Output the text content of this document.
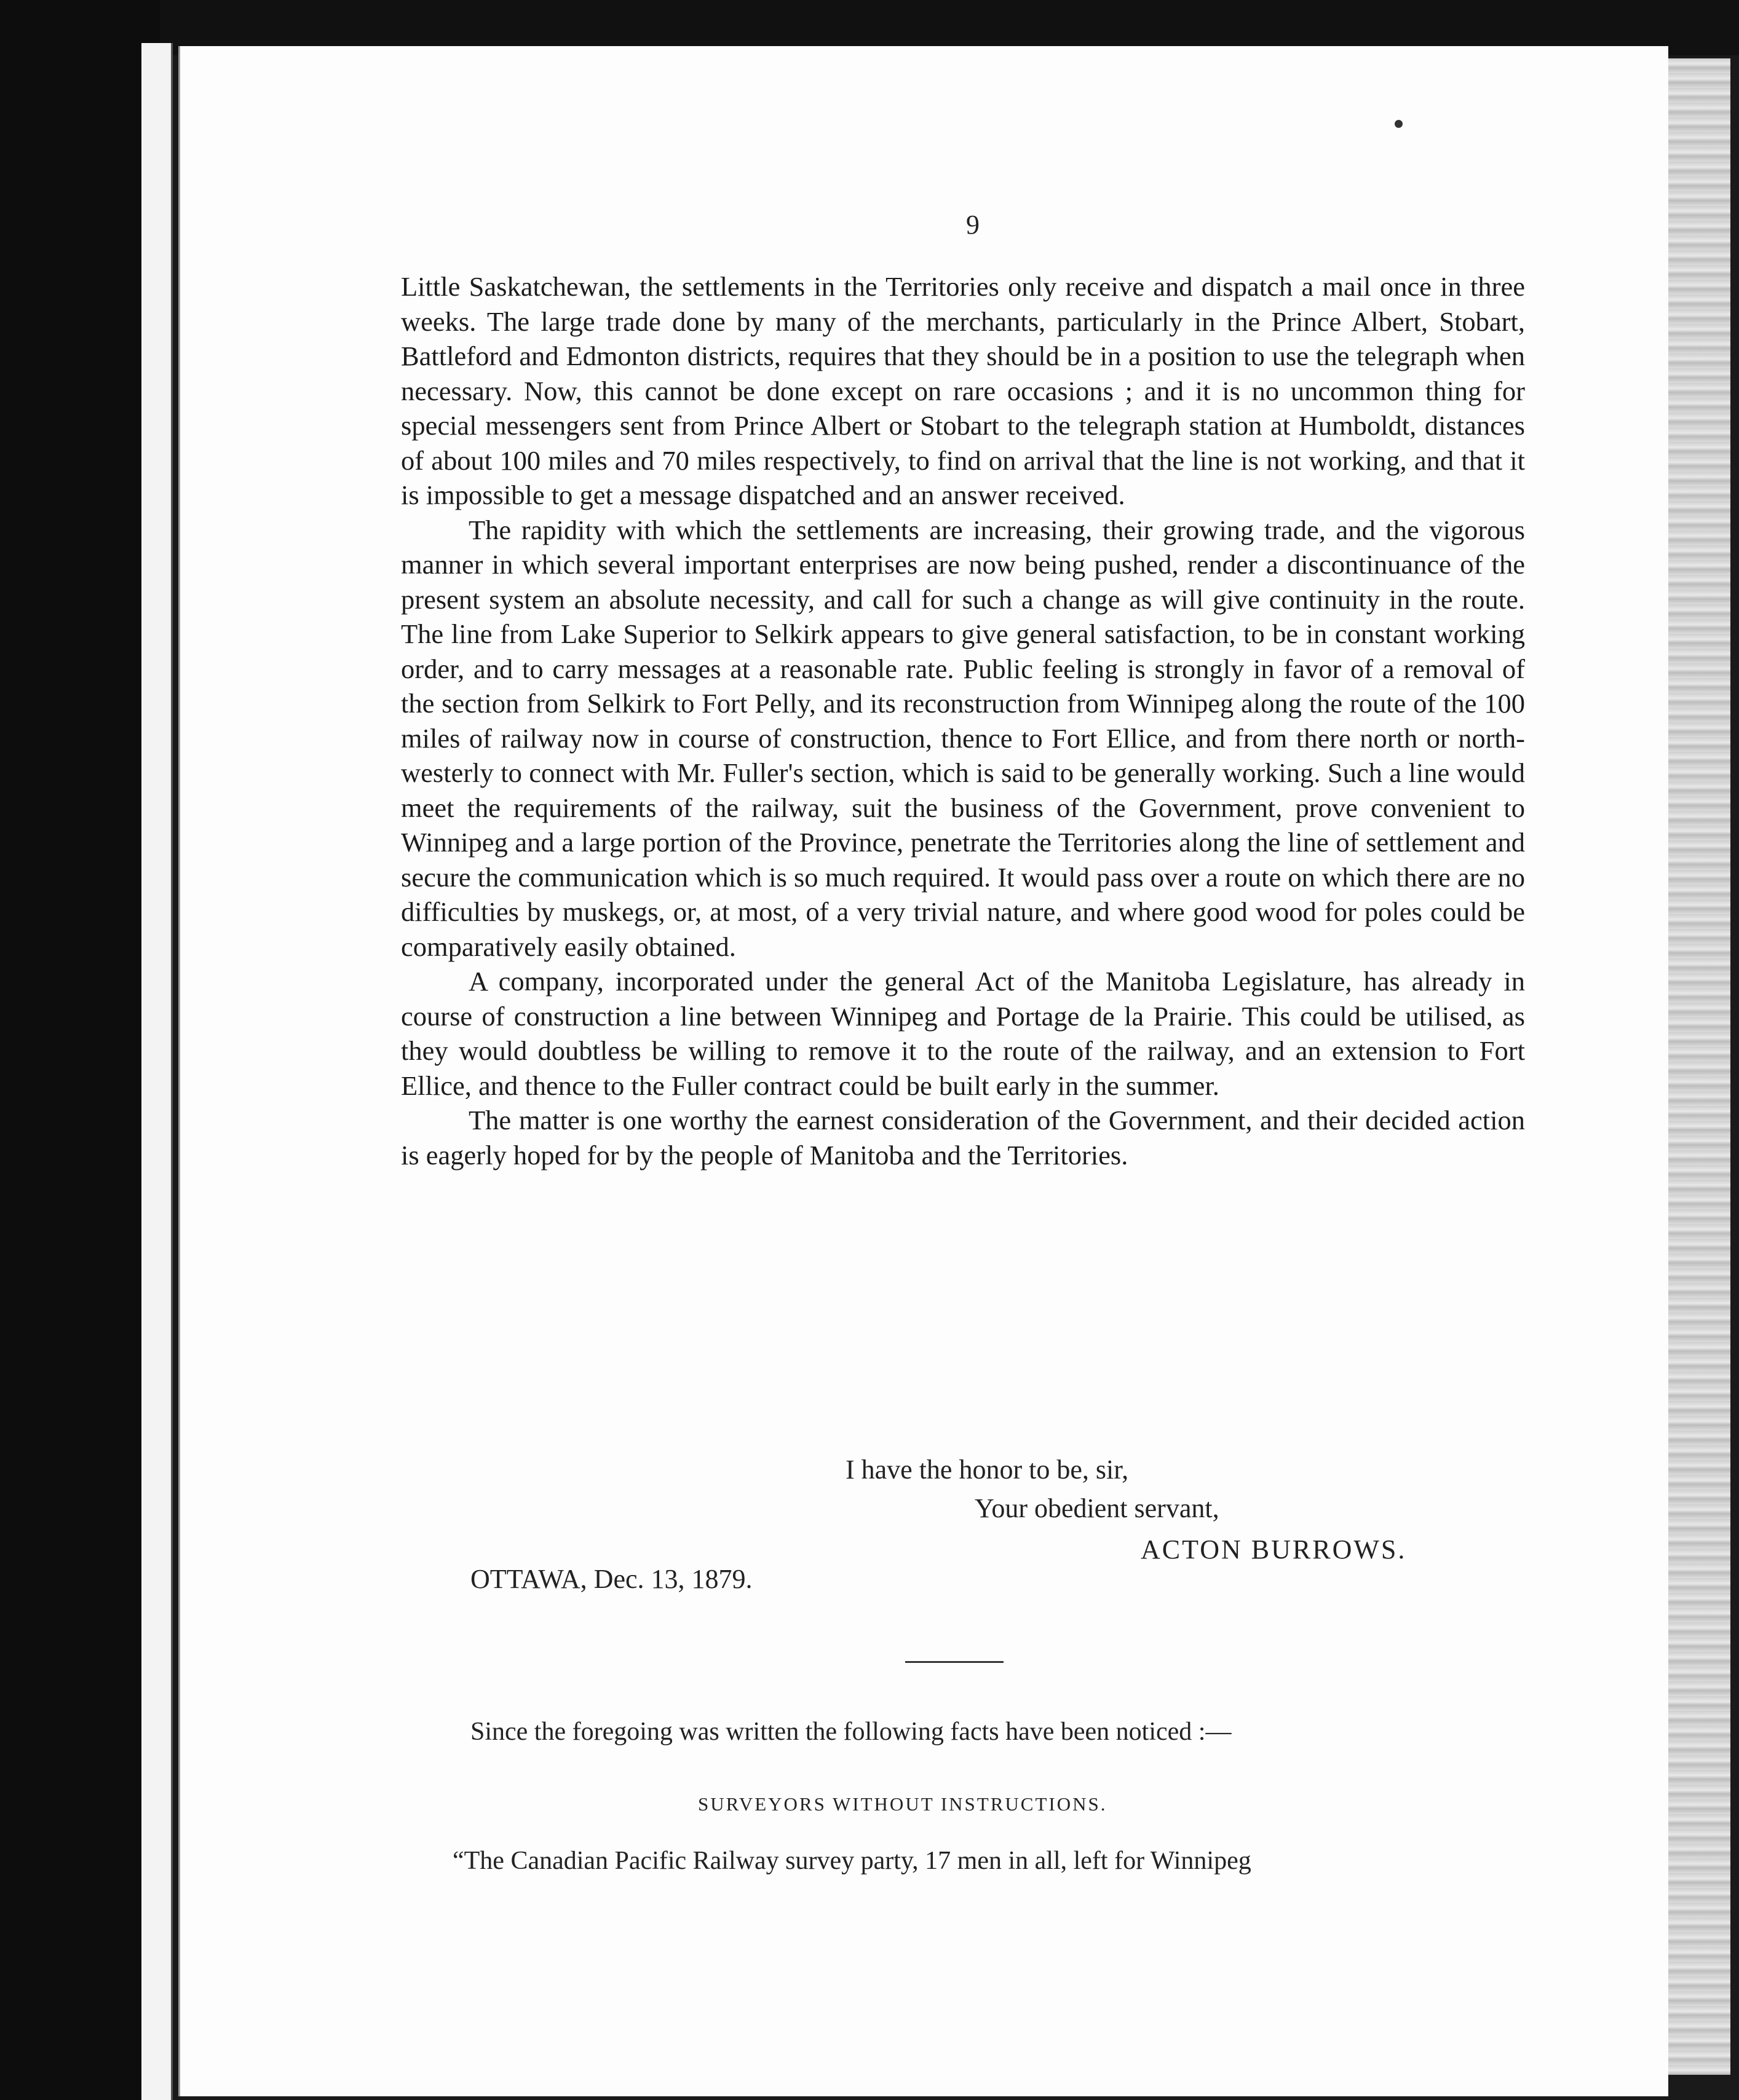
9

Little Saskatchewan, the settlements in the Territories only receive and dispatch a mail once in three weeks. The large trade done by many of the merchants, particularly in the Prince Albert, Stobart, Battleford and Edmonton districts, requires that they should be in a position to use the telegraph when necessary. Now, this cannot be done except on rare occasions ; and it is no uncommon thing for special messengers sent from Prince Albert or Stobart to the telegraph station at Humboldt, distances of about 100 miles and 70 miles respectively, to find on arrival that the line is not working, and that it is impossible to get a message dispatched and an answer received.

The rapidity with which the settlements are increasing, their growing trade, and the vigorous manner in which several important enterprises are now being pushed, render a discontinuance of the present system an absolute necessity, and call for such a change as will give continuity in the route. The line from Lake Superior to Selkirk appears to give general satisfaction, to be in constant working order, and to carry messages at a reasonable rate. Public feeling is strongly in favor of a removal of the section from Selkirk to Fort Pelly, and its reconstruction from Winnipeg along the route of the 100 miles of railway now in course of construction, thence to Fort Ellice, and from there north or north-westerly to connect with Mr. Fuller's section, which is said to be generally working. Such a line would meet the requirements of the railway, suit the business of the Government, prove convenient to Winnipeg and a large portion of the Province, penetrate the Territories along the line of settlement and secure the communication which is so much required. It would pass over a route on which there are no difficulties by muskegs, or, at most, of a very trivial nature, and where good wood for poles could be comparatively easily obtained.

A company, incorporated under the general Act of the Manitoba Legislature, has already in course of construction a line between Winnipeg and Portage de la Prairie. This could be utilised, as they would doubtless be willing to remove it to the route of the railway, and an extension to Fort Ellice, and thence to the Fuller contract could be built early in the summer.

The matter is one worthy the earnest consideration of the Government, and their decided action is eagerly hoped for by the people of Manitoba and the Territories.

I have the honor to be, sir,
Your obedient servant,
ACTON BURROWS.
OTTAWA, Dec. 13, 1879.
Since the foregoing was written the following facts have been noticed :—
SURVEYORS WITHOUT INSTRUCTIONS.
“The Canadian Pacific Railway survey party, 17 men in all, left for Winnipeg
